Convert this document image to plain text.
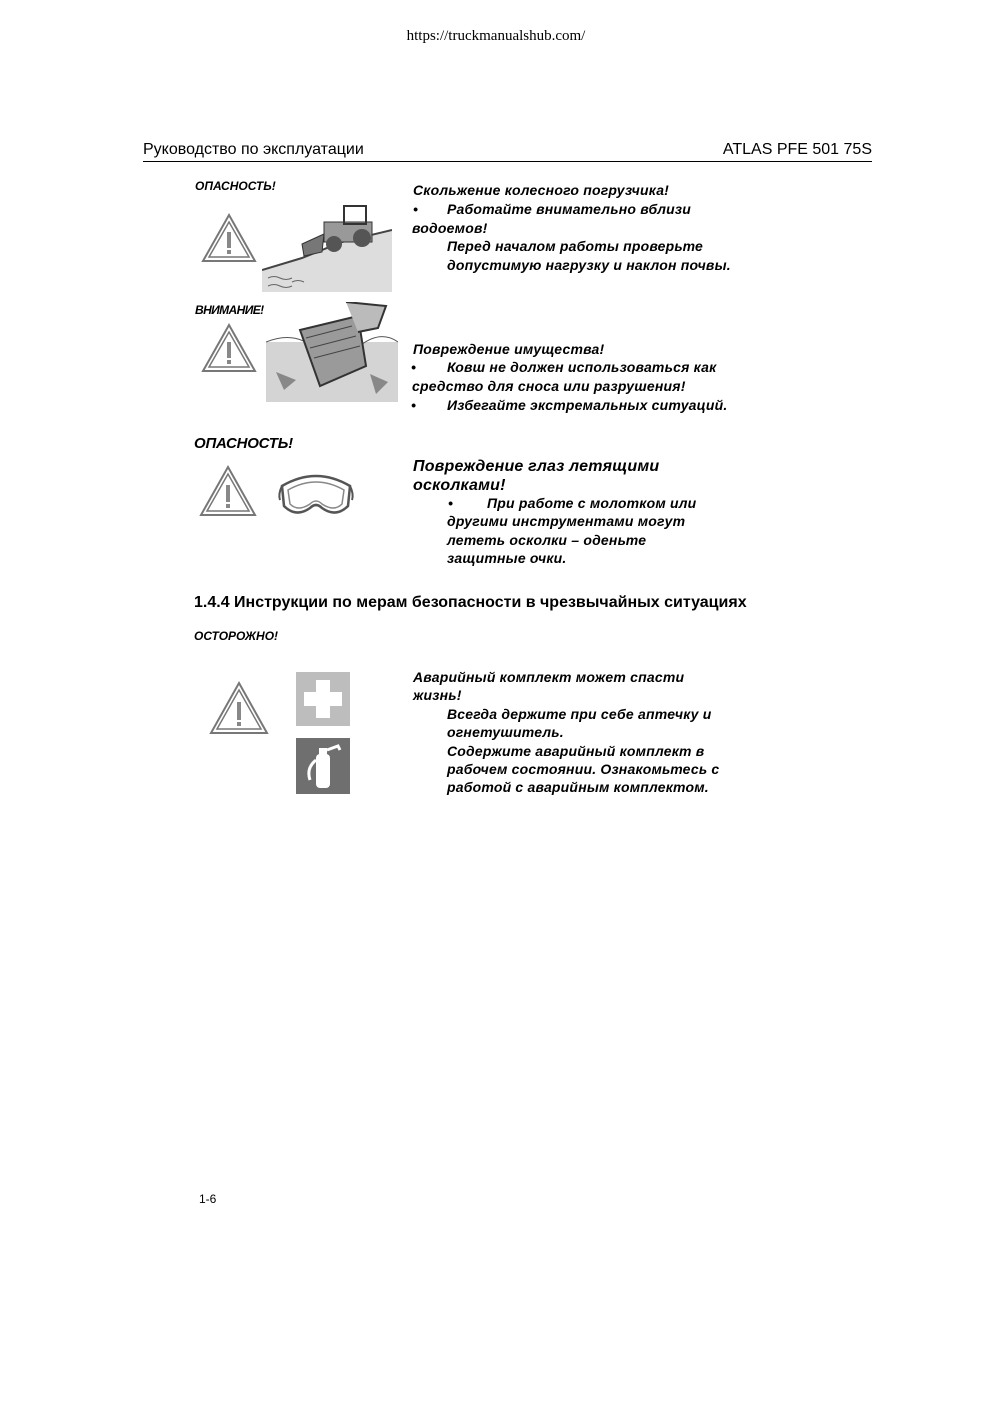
https://truckmanualshub.com/
Руководство по эксплуатации	ATLAS PFE 501 75S
ОПАСНОСТЬ!	Скольжение колесного погрузчика!
• Работайте внимательно вблизи
водоемов!
Перед началом работы проверьте
допустимую нагрузку и наклон почвы.
ВНИМАНИЕ!
Повреждение имущества!
• Ковш не должен использоваться как
средство для сноса или разрушения!
• Избегайте экстремальных ситуаций.
ОПАСНОСТЬ!
Повреждение глаз летящими
осколками!
• При работе с молотком или
другими инструментами могут
лететь осколки – оденьте
защитные очки.
1.4.4 Инструкции по мерам безопасности в чрезвычайных ситуациях
ОСТОРОЖНО!
Аварийный комплект может спасти
жизнь!
Всегда держите при себе аптечку и
огнетушитель.
Содержите аварийный комплект в
рабочем состоянии. Ознакомьтесь с
работой с аварийным комплектом.
1-6
